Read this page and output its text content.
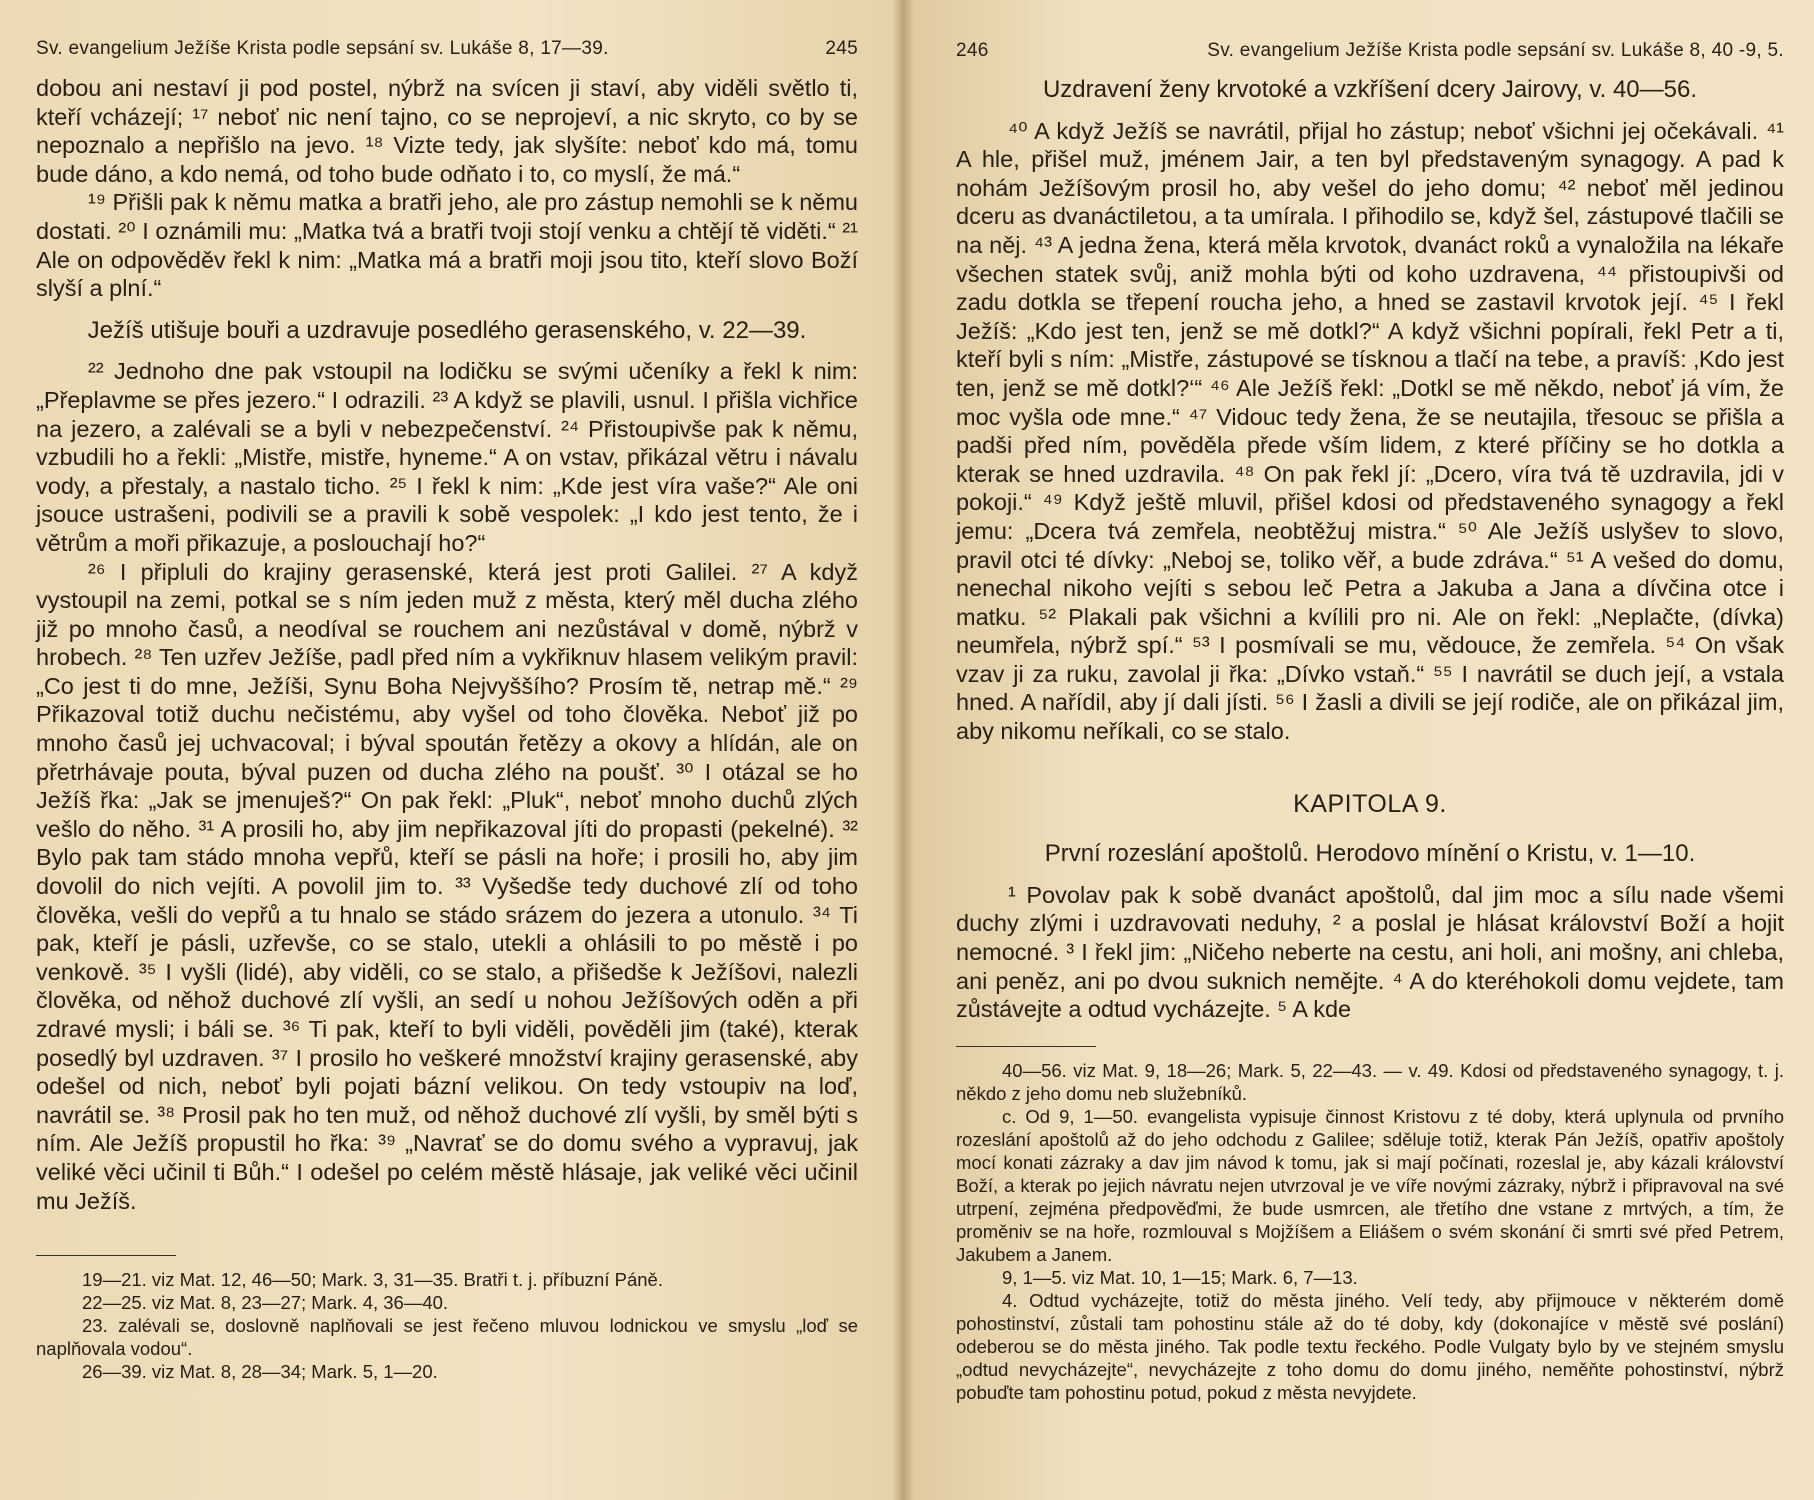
Sv. evangelium Ježíše Krista podle sepsání sv. Lukáše 8, 17—39.	245

dobou ani nestaví ji pod postel, nýbrž na svícen ji staví, aby viděli světlo ti, kteří vcházejí; ¹⁷ neboť nic není tajno, co se neprojeví, a nic skryto, co by se nepoznalo a nepřišlo na jevo. ¹⁸ Vizte tedy, jak slyšíte: neboť kdo má, tomu bude dáno, a kdo nemá, od toho bude odňato i to, co myslí, že má.“

¹⁹ Přišli pak k němu matka a bratři jeho, ale pro zástup nemohli se k němu dostati. ²⁰ I oznámili mu: „Matka tvá a bratři tvoji stojí venku a chtějí tě viděti.“ ²¹ Ale on odpověděv řekl k nim: „Matka má a bratři moji jsou tito, kteří slovo Boží slyší a plní.“

Ježíš utišuje bouři a uzdravuje posedlého gerasenského, v. 22—39.

²² Jednoho dne pak vstoupil na lodičku se svými učeníky a řekl k nim: „Přeplavme se přes jezero.“ I odrazili. ²³ A když se plavili, usnul. I přišla vichřice na jezero, a zalévali se a byli v nebezpečenství. ²⁴ Přistoupivše pak k němu, vzbudili ho a řekli: „Mistře, mistře, hyneme.“ A on vstav, přikázal větru i návalu vody, a přestaly, a nastalo ticho. ²⁵ I řekl k nim: „Kde jest víra vaše?“ Ale oni jsouce ustrašeni, podivili se a pravili k sobě vespolek: „I kdo jest tento, že i větrům a moři přikazuje, a poslouchají ho?“

²⁶ I připluli do krajiny gerasenské, která jest proti Galilei. ²⁷ A když vystoupil na zemi, potkal se s ním jeden muž z města, který měl ducha zlého již po mnoho časů, a neodíval se rouchem ani nezůstával v domě, nýbrž v hrobech. ²⁸ Ten uzřev Ježíše, padl před ním a vykřiknuv hlasem velikým pravil: „Co jest ti do mne, Ježíši, Synu Boha Nejvyššího? Prosím tě, netrap mě.“ ²⁹ Přikazoval totiž duchu nečistému, aby vyšel od toho člověka. Neboť již po mnoho časů jej uchvacoval; i býval spoután řetězy a okovy a hlídán, ale on přetrhávaje pouta, býval puzen od ducha zlého na poušť. ³⁰ I otázal se ho Ježíš řka: „Jak se jmenuješ?“ On pak řekl: „Pluk“, neboť mnoho duchů zlých vešlo do něho. ³¹ A prosili ho, aby jim nepřikazoval jíti do propasti (pekelné). ³² Bylo pak tam stádo mnoha vepřů, kteří se pásli na hoře; i prosili ho, aby jim dovolil do nich vejíti. A povolil jim to. ³³ Vyšedše tedy duchové zlí od toho člověka, vešli do vepřů a tu hnalo se stádo srázem do jezera a utonulo. ³⁴ Ti pak, kteří je pásli, uzřevše, co se stalo, utekli a ohlásili to po městě i po venkově. ³⁵ I vyšli (lidé), aby viděli, co se stalo, a přišedše k Ježíšovi, nalezli člověka, od něhož duchové zlí vyšli, an sedí u nohou Ježíšových oděn a při zdravé mysli; i báli se. ³⁶ Ti pak, kteří to byli viděli, pověděli jim (také), kterak posedlý byl uzdraven. ³⁷ I prosilo ho veškeré množství krajiny gerasenské, aby odešel od nich, neboť byli pojati bázní velikou. On tedy vstoupiv na loď, navrátil se. ³⁸ Prosil pak ho ten muž, od něhož duchové zlí vyšli, by směl býti s ním. Ale Ježíš propustil ho řka: ³⁹ „Navrať se do domu svého a vypravuj, jak veliké věci učinil ti Bůh.“ I odešel po celém městě hlásaje, jak veliké věci učinil mu Ježíš.

19—21. viz Mat. 12, 46—50; Mark. 3, 31—35. Bratři t. j. příbuzní Páně.

22—25. viz Mat. 8, 23—27; Mark. 4, 36—40.

23. zalévali se, doslovně naplňovali se jest řečeno mluvou lodnickou ve smyslu „loď se naplňovala vodou“.

26—39. viz Mat. 8, 28—34; Mark. 5, 1—20.

246	Sv. evangelium Ježíše Krista podle sepsání sv. Lukáše 8, 40 -9, 5.
Uzdravení ženy krvotoké a vzkříšení dcery Jairovy, v. 40—56.

⁴⁰ A když Ježíš se navrátil, přijal ho zástup; neboť všichni jej očekávali. ⁴¹ A hle, přišel muž, jménem Jair, a ten byl představeným synagogy. A pad k nohám Ježíšovým prosil ho, aby vešel do jeho domu; ⁴² neboť měl jedinou dceru as dvanáctiletou, a ta umírala. I přihodilo se, když šel, zástupové tlačili se na něj. ⁴³ A jedna žena, která měla krvotok, dvanáct roků a vynaložila na lékaře všechen statek svůj, aniž mohla býti od koho uzdravena, ⁴⁴ přistoupivši od zadu dotkla se třepení roucha jeho, a hned se zastavil krvotok její. ⁴⁵ I řekl Ježíš: „Kdo jest ten, jenž se mě dotkl?“ A když všichni popírali, řekl Petr a ti, kteří byli s ním: „Mistře, zástupové se tísknou a tlačí na tebe, a pravíš: ‚Kdo jest ten, jenž se mě dotkl?‘“ ⁴⁶ Ale Ježíš řekl: „Dotkl se mě někdo, neboť já vím, že moc vyšla ode mne.“ ⁴⁷ Vidouc tedy žena, že se neutajila, třesouc se přišla a padši před ním, pověděla přede vším lidem, z které příčiny se ho dotkla a kterak se hned uzdravila. ⁴⁸ On pak řekl jí: „Dcero, víra tvá tě uzdravila, jdi v pokoji.“ ⁴⁹ Když ještě mluvil, přišel kdosi od představeného synagogy a řekl jemu: „Dcera tvá zemřela, neobtěžuj mistra.“ ⁵⁰ Ale Ježíš uslyšev to slovo, pravil otci té dívky: „Neboj se, toliko věř, a bude zdráva.“ ⁵¹ A vešed do domu, nenechal nikoho vejíti s sebou leč Petra a Jakuba a Jana a dívčina otce i matku. ⁵² Plakali pak všichni a kvílili pro ni. Ale on řekl: „Neplačte, (dívka) neumřela, nýbrž spí.“ ⁵³ I posmívali se mu, vědouce, že zemřela. ⁵⁴ On však vzav ji za ruku, zavolal ji řka: „Dívko vstaň.“ ⁵⁵ I navrátil se duch její, a vstala hned. A nařídil, aby jí dali jísti. ⁵⁶ I žasli a divili se její rodiče, ale on přikázal jim, aby nikomu neříkali, co se stalo.

KAPITOLA 9.
První rozeslání apoštolů. Herodovo mínění o Kristu, v. 1—10.

¹ Povolav pak k sobě dvanáct apoštolů, dal jim moc a sílu nade všemi duchy zlými i uzdravovati neduhy, ² a poslal je hlásat království Boží a hojit nemocné. ³ I řekl jim: „Ničeho neberte na cestu, ani holi, ani mošny, ani chleba, ani peněz, ani po dvou suknich nemějte. ⁴ A do kteréhokoli domu vejdete, tam zůstávejte a odtud vycházejte. ⁵ A kde

40—56. viz Mat. 9, 18—26; Mark. 5, 22—43. — v. 49. Kdosi od představeného synagogy, t. j. někdo z jeho domu neb služebníků.

c. Od 9, 1—50. evangelista vypisuje činnost Kristovu z té doby, která uplynula od prvního rozeslání apoštolů až do jeho odchodu z Galilee; sděluje totiž, kterak Pán Ježíš, opatřiv apoštoly mocí konati zázraky a dav jim návod k tomu, jak si mají počínati, rozeslal je, aby kázali království Boží, a kterak po jejich návratu nejen utvrzoval je ve víře novými zázraky, nýbrž i připravoval na své utrpení, zejména předpověďmi, že bude usmrcen, ale třetího dne vstane z mrtvých, a tím, že proměniv se na hoře, rozmlouval s Mojžíšem a Eliášem o svém skonání či smrti své před Petrem, Jakubem a Janem.

9, 1—5. viz Mat. 10, 1—15; Mark. 6, 7—13.

4. Odtud vycházejte, totiž do města jiného. Velí tedy, aby přijmouce v některém domě pohostinství, zůstali tam pohostinu stále až do té doby, kdy (dokonajíce v městě své poslání) odeberou se do města jiného. Tak podle textu řeckého. Podle Vulgaty bylo by ve stejném smyslu „odtud nevycházejte“, nevycházejte z toho domu do domu jiného, neměňte pohostinství, nýbrž pobuďte tam pohostinu potud, pokud z města nevyjdete.
